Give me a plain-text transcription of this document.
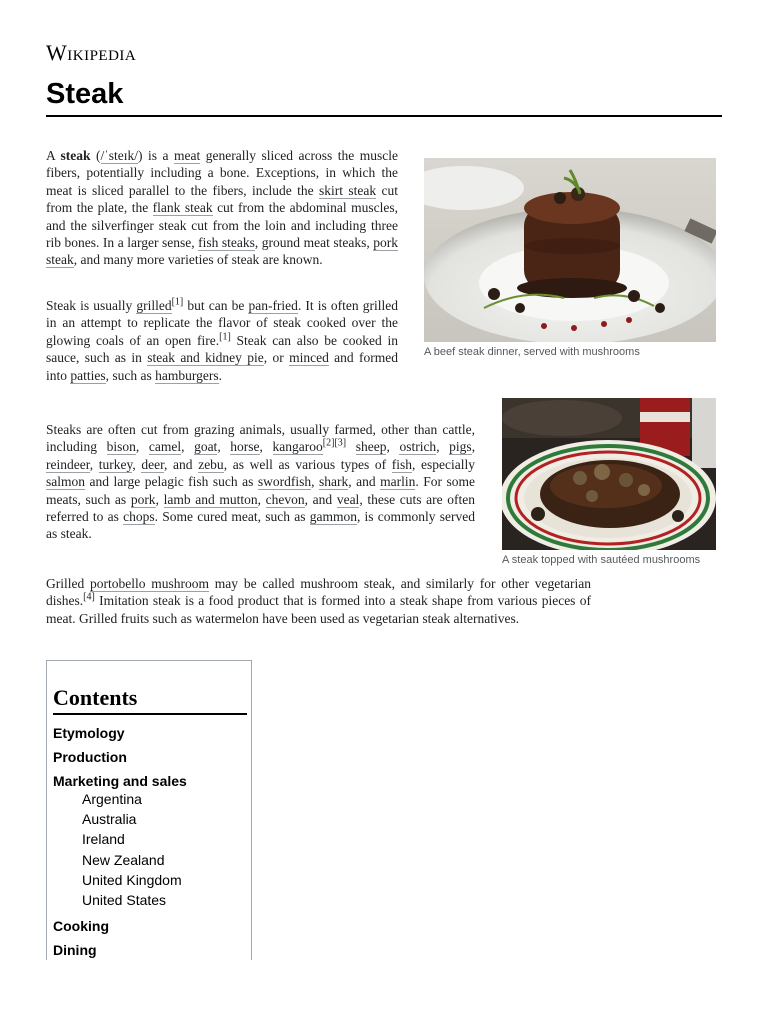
Wikipedia
Steak

A steak (/ˈsteɪk/) is a meat generally sliced across the muscle fibers, potentially including a bone. Exceptions, in which the meat is sliced parallel to the fibers, include the skirt steak cut from the plate, the flank steak cut from the abdominal muscles, and the silverfinger steak cut from the loin and including three rib bones. In a larger sense, fish steaks, ground meat steaks, pork steak, and many more varieties of steak are known.

Steak is usually grilled[1] but can be pan-fried. It is often grilled in an attempt to replicate the flavor of steak cooked over the glowing coals of an open fire.[1] Steak can also be cooked in sauce, such as in steak and kidney pie, or minced and formed into patties, such as hamburgers.

A beef steak dinner, served with mushrooms

Steaks are often cut from grazing animals, usually farmed, other than cattle, including bison, camel, goat, horse, kangaroo[2][3] sheep, ostrich, pigs, reindeer, turkey, deer, and zebu, as well as various types of fish, especially salmon and large pelagic fish such as swordfish, shark, and marlin. For some meats, such as pork, lamb and mutton, chevon, and veal, these cuts are often referred to as chops. Some cured meat, such as gammon, is commonly served as steak.

A steak topped with sautéed mushrooms

Grilled portobello mushroom may be called mushroom steak, and similarly for other vegetarian dishes.[4] Imitation steak is a food product that is formed into a steak shape from various pieces of meat. Grilled fruits such as watermelon have been used as vegetarian steak alternatives.

Contents
Etymology
Production
Marketing and sales
Argentina
Australia
Ireland
New Zealand
United Kingdom
United States
Cooking
Dining
